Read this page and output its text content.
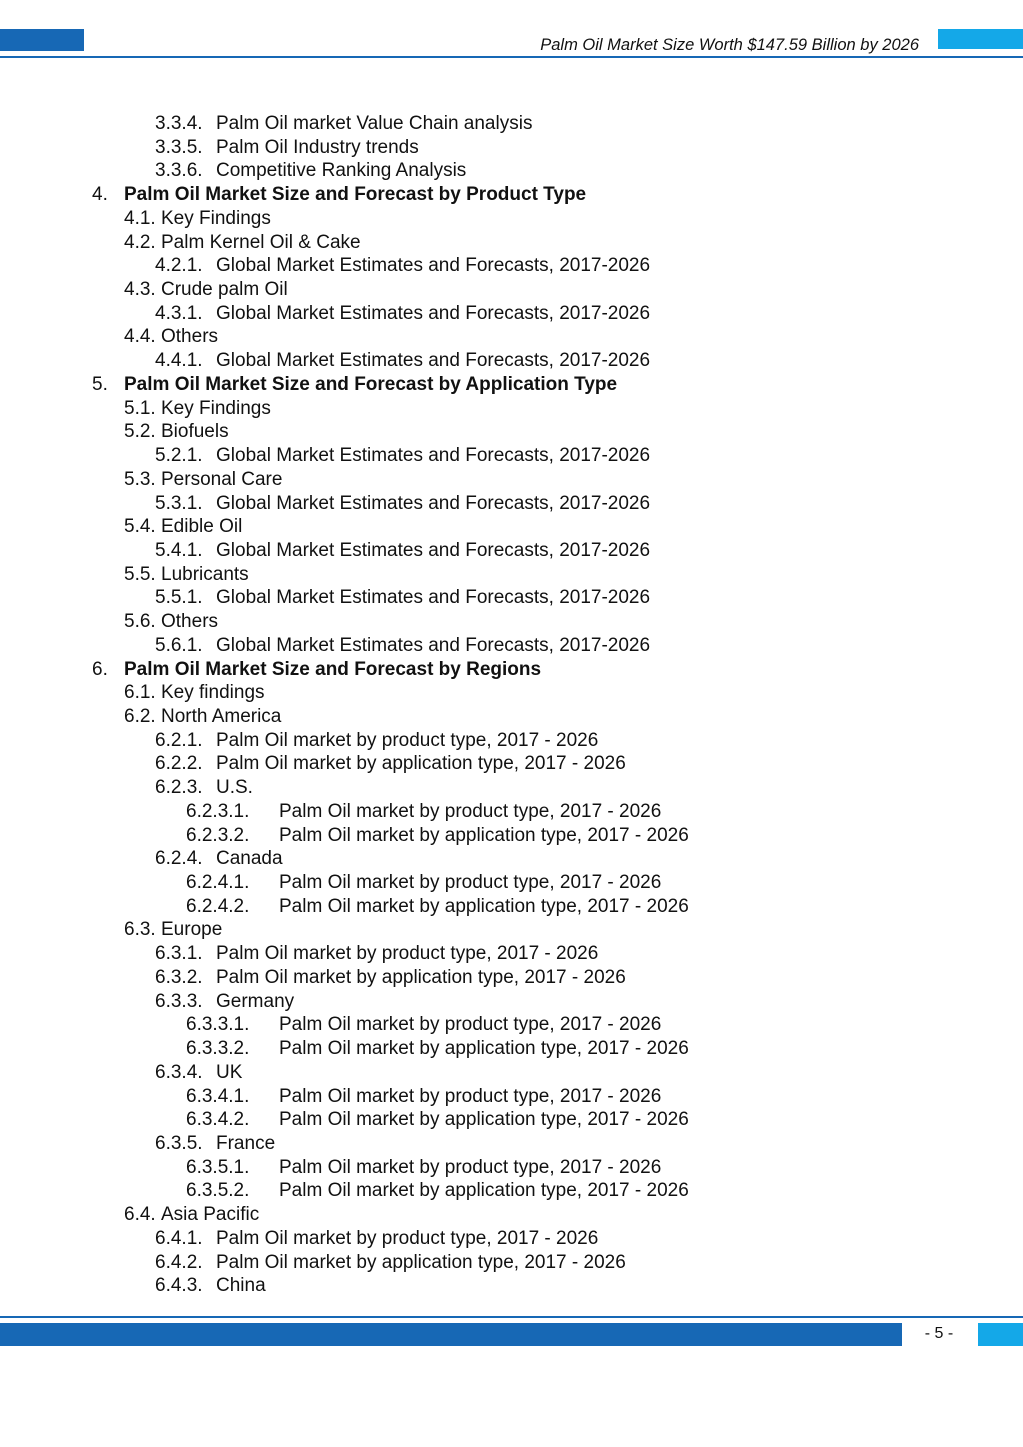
Palm Oil Market Size Worth $147.59 Billion by 2026
3.3.4. Palm Oil market Value Chain analysis
3.3.5. Palm Oil Industry trends
3.3.6. Competitive Ranking Analysis
4. Palm Oil Market Size and Forecast by Product Type
4.1. Key Findings
4.2. Palm Kernel Oil & Cake
4.2.1. Global Market Estimates and Forecasts, 2017-2026
4.3. Crude palm Oil
4.3.1. Global Market Estimates and Forecasts, 2017-2026
4.4. Others
4.4.1. Global Market Estimates and Forecasts, 2017-2026
5. Palm Oil Market Size and Forecast by Application Type
5.1. Key Findings
5.2. Biofuels
5.2.1. Global Market Estimates and Forecasts, 2017-2026
5.3. Personal Care
5.3.1. Global Market Estimates and Forecasts, 2017-2026
5.4. Edible Oil
5.4.1. Global Market Estimates and Forecasts, 2017-2026
5.5. Lubricants
5.5.1. Global Market Estimates and Forecasts, 2017-2026
5.6. Others
5.6.1. Global Market Estimates and Forecasts, 2017-2026
6. Palm Oil Market Size and Forecast by Regions
6.1. Key findings
6.2. North America
6.2.1. Palm Oil market by product type, 2017 - 2026
6.2.2. Palm Oil market by application type, 2017 - 2026
6.2.3. U.S.
6.2.3.1. Palm Oil market by product type, 2017 - 2026
6.2.3.2. Palm Oil market by application type, 2017 - 2026
6.2.4. Canada
6.2.4.1. Palm Oil market by product type, 2017 - 2026
6.2.4.2. Palm Oil market by application type, 2017 - 2026
6.3. Europe
6.3.1. Palm Oil market by product type, 2017 - 2026
6.3.2. Palm Oil market by application type, 2017 - 2026
6.3.3. Germany
6.3.3.1. Palm Oil market by product type, 2017 - 2026
6.3.3.2. Palm Oil market by application type, 2017 - 2026
6.3.4. UK
6.3.4.1. Palm Oil market by product type, 2017 - 2026
6.3.4.2. Palm Oil market by application type, 2017 - 2026
6.3.5. France
6.3.5.1. Palm Oil market by product type, 2017 - 2026
6.3.5.2. Palm Oil market by application type, 2017 - 2026
6.4. Asia Pacific
6.4.1. Palm Oil market by product type, 2017 - 2026
6.4.2. Palm Oil market by application type, 2017 - 2026
6.4.3. China
- 5 -
